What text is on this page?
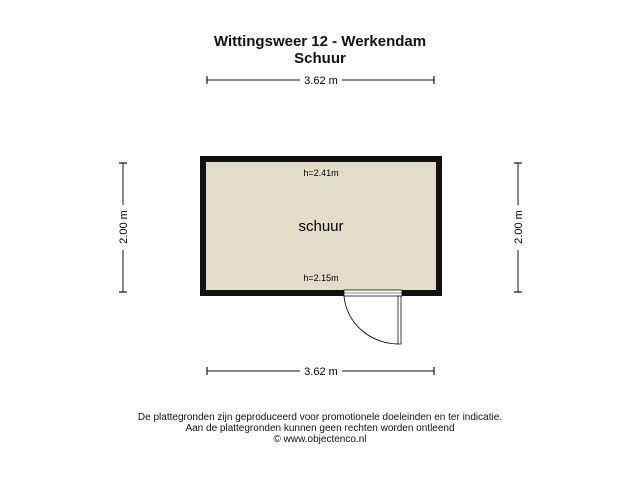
Wittingsweer 12 - Werkendam
Schuur
3.62 m
3.62 m
2.00 m	2.00 m
h=2.41m
schuur
h=2.15m
De plattegronden zijn geproduceerd voor promotionele doeleinden en ter indicatie.
Aan de plattegronden kunnen geen rechten worden ontleend
© www.objectenco.nl
